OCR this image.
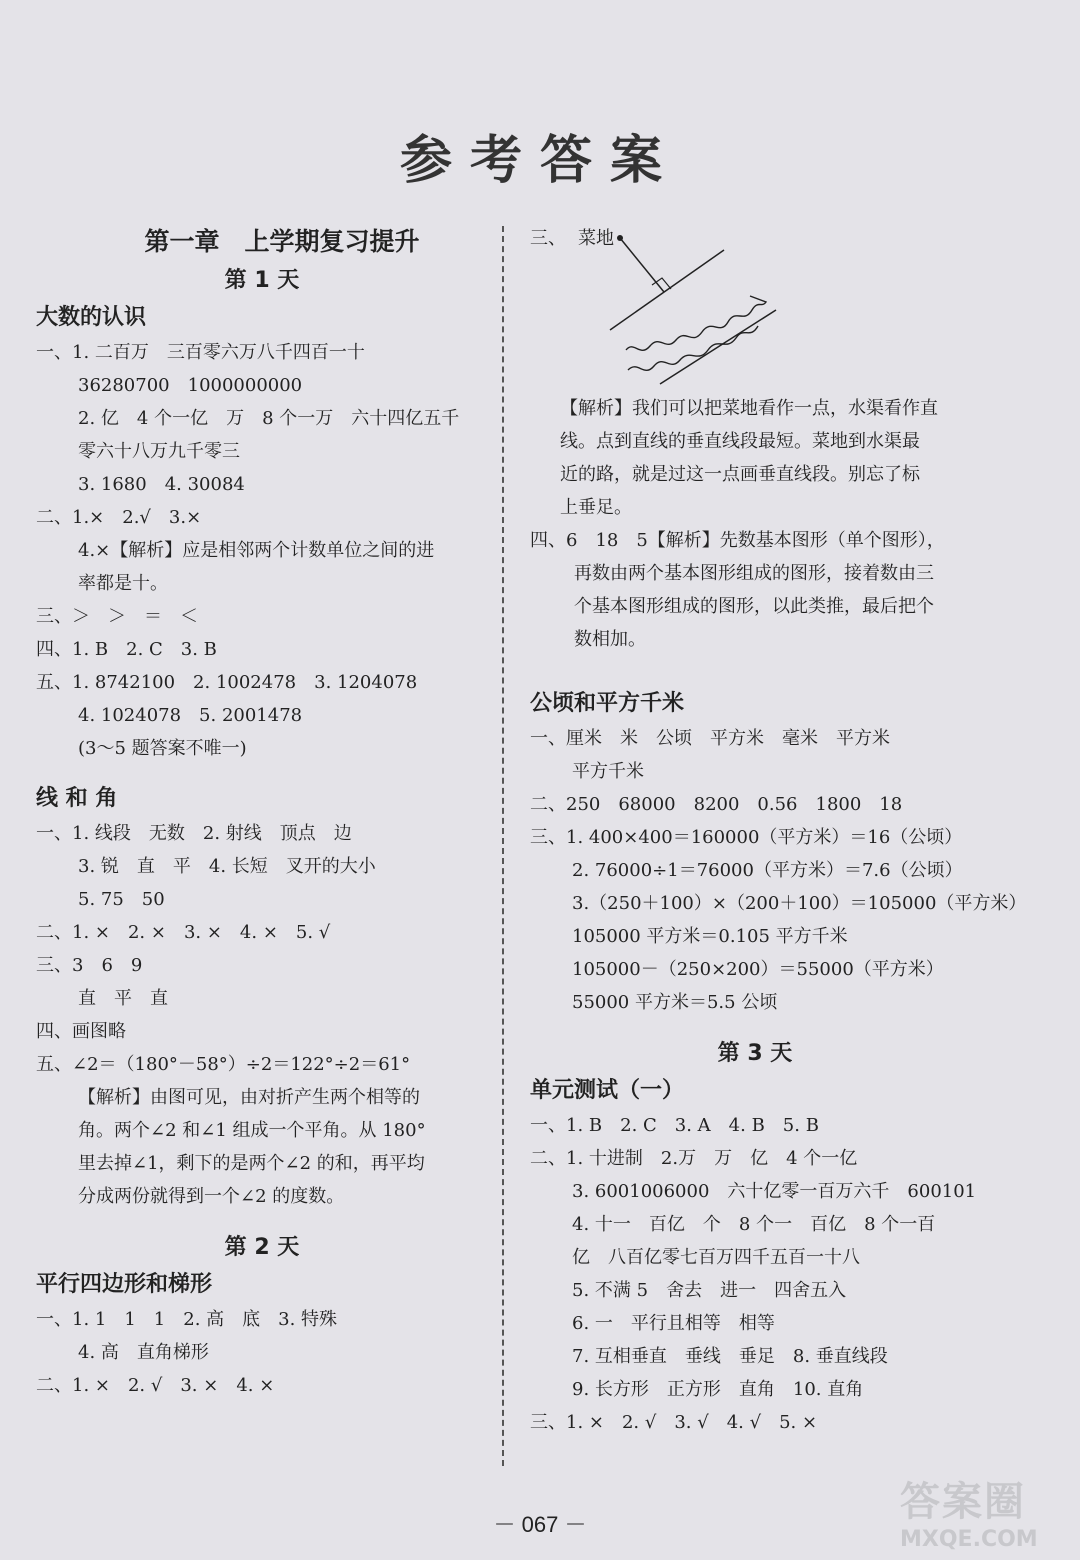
参考答案
第一章　上学期复习提升
第 1 天
大数的认识
一、1. 二百万　三百零六万八千四百一十
36280700　1000000000
2. 亿　4 个一亿　万　8 个一万　六十四亿五千
零六十八万九千零三
3. 1680　4. 30084
二、1.×　2.√　3.×
4.×【解析】应是相邻两个计数单位之间的进
率都是十。
三、＞　＞　＝　＜
四、1. B　2. C　3. B
五、1. 8742100　2. 1002478　3. 1204078
4. 1024078　5. 2001478
(3～5 题答案不唯一)
线 和 角
一、1. 线段　无数　2. 射线　顶点　边
3. 锐　直　平　4. 长短　叉开的大小
5. 75　50
二、1. ×　2. ×　3. ×　4. ×　5. √
三、3　6　9
直　平　直
四、画图略
五、∠2＝（180°－58°）÷2＝122°÷2＝61°
【解析】由图可见，由对折产生两个相等的
角。两个∠2 和∠1 组成一个平角。从 180°
里去掉∠1，剩下的是两个∠2 的和，再平均
分成两份就得到一个∠2 的度数。
第 2 天
平行四边形和梯形
一、1. 1　1　1　2. 高　底　3. 特殊
4. 高　直角梯形
二、1. ×　2. √　3. ×　4. ×
三、 菜地
【解析】我们可以把菜地看作一点，水渠看作直
线。点到直线的垂直线段最短。菜地到水渠最
近的路，就是过这一点画垂直线段。别忘了标
上垂足。
四、6　18　5【解析】先数基本图形（单个图形），
再数由两个基本图形组成的图形，接着数由三
个基本图形组成的图形，以此类推，最后把个
数相加。
公顷和平方千米
一、厘米　米　公顷　平方米　毫米　平方米
平方千米
二、250　68000　8200　0.56　1800　18
三、1. 400×400＝160000（平方米）＝16（公顷）
2. 76000÷1＝76000（平方米）＝7.6（公顷）
3.（250＋100）×（200＋100）＝105000（平方米）
105000 平方米＝0.105 平方千米
105000－（250×200）＝55000（平方米）
55000 平方米＝5.5 公顷
第 3 天
单元测试（一）
一、1. B　2. C　3. A　4. B　5. B
二、1. 十进制　2.万　万　亿　4 个一亿
3. 6001006000　六十亿零一百万六千　600101
4. 十一　百亿　个　8 个一　百亿　8 个一百
亿　八百亿零七百万四千五百一十八
5. 不满 5　舍去　进一　四舍五入
6. 一　平行且相等　相等
7. 互相垂直　垂线　垂足　8. 垂直线段
9. 长方形　正方形　直角　10. 直角
三、1. ×　2. √　3. √　4. √　5. ×
－ 067 －	答案圈
MXQE.COM
